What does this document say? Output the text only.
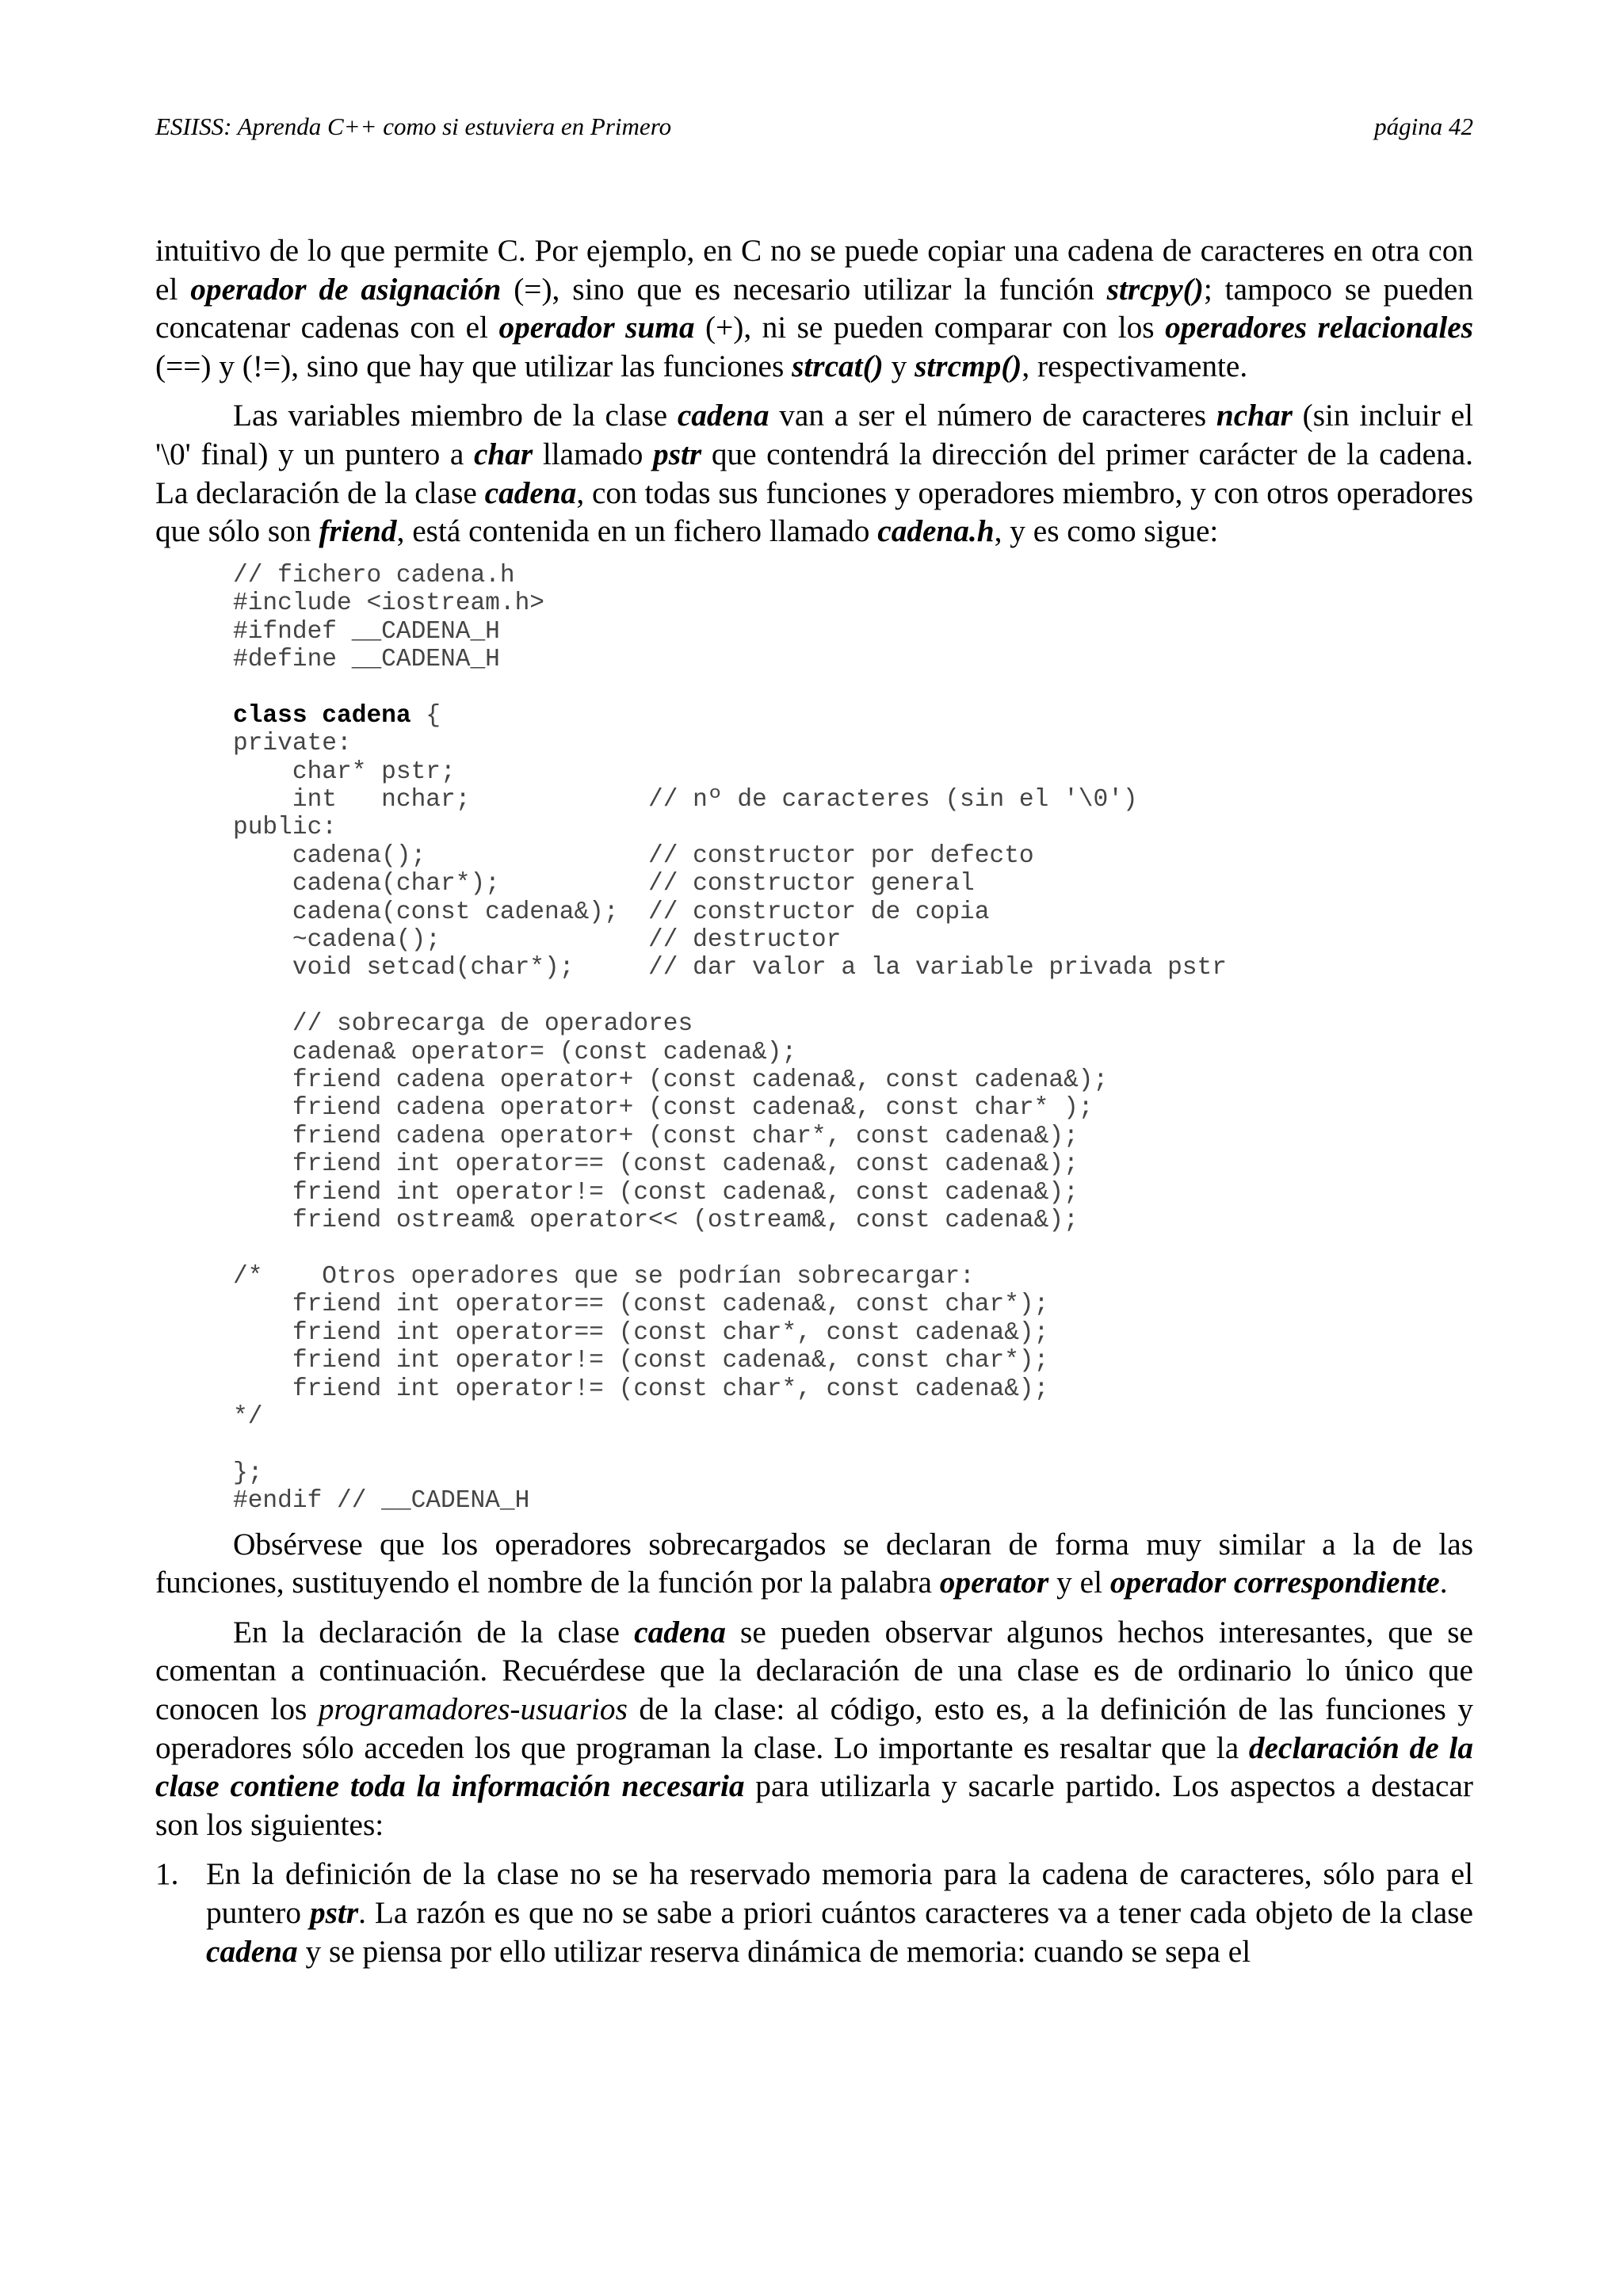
ESIISS: Aprenda C++ como si estuviera en Primero	página 42

intuitivo de lo que permite C. Por ejemplo, en C no se puede copiar una cadena de caracteres en otra con el operador de asignación (=), sino que es necesario utilizar la función strcpy(); tampoco se pueden concatenar cadenas con el operador suma (+), ni se pueden comparar con los operadores relacionales (==) y (!=), sino que hay que utilizar las funciones strcat() y strcmp(), respectivamente.

Las variables miembro de la clase cadena van a ser el número de caracteres nchar (sin incluir el '\0' final) y un puntero a char llamado pstr que contendrá la dirección del primer carácter de la cadena. La declaración de la clase cadena, con todas sus funciones y operadores miembro, y con otros operadores que sólo son friend, está contenida en un fichero llamado cadena.h, y es como sigue:

// fichero cadena.h
#include <iostream.h>
#ifndef __CADENA_H
#define __CADENA_H

class cadena {
private:
char* pstr;
int   nchar;            // nº de caracteres (sin el '\0')
public:
cadena();               // constructor por defecto
cadena(char*);          // constructor general
cadena(const cadena&);  // constructor de copia
~cadena();              // destructor
void setcad(char*);     // dar valor a la variable privada pstr

// sobrecarga de operadores
cadena& operator= (const cadena&);
friend cadena operator+ (const cadena&, const cadena&);
friend cadena operator+ (const cadena&, const char* );
friend cadena operator+ (const char*, const cadena&);
friend int operator== (const cadena&, const cadena&);
friend int operator!= (const cadena&, const cadena&);
friend ostream& operator<< (ostream&, const cadena&);

/*    Otros operadores que se podrían sobrecargar:
friend int operator== (const cadena&, const char*);
friend int operator== (const char*, const cadena&);
friend int operator!= (const cadena&, const char*);
friend int operator!= (const char*, const cadena&);
*/

};
#endif // __CADENA_H

Obsérvese que los operadores sobrecargados se declaran de forma muy similar a la de las funciones, sustituyendo el nombre de la función por la palabra operator y el operador correspondiente.

En la declaración de la clase cadena se pueden observar algunos hechos interesantes, que se comentan a continuación. Recuérdese que la declaración de una clase es de ordinario lo único que conocen los programadores-usuarios de la clase: al código, esto es, a la definición de las funciones y operadores sólo acceden los que programan la clase. Lo importante es resaltar que la declaración de la clase contiene toda la información necesaria para utilizarla y sacarle partido. Los aspectos a destacar son los siguientes:

1. En la definición de la clase no se ha reservado memoria para la cadena de caracteres, sólo para el puntero pstr. La razón es que no se sabe a priori cuántos caracteres va a tener cada objeto de la clase cadena y se piensa por ello utilizar reserva dinámica de memoria: cuando se sepa el
